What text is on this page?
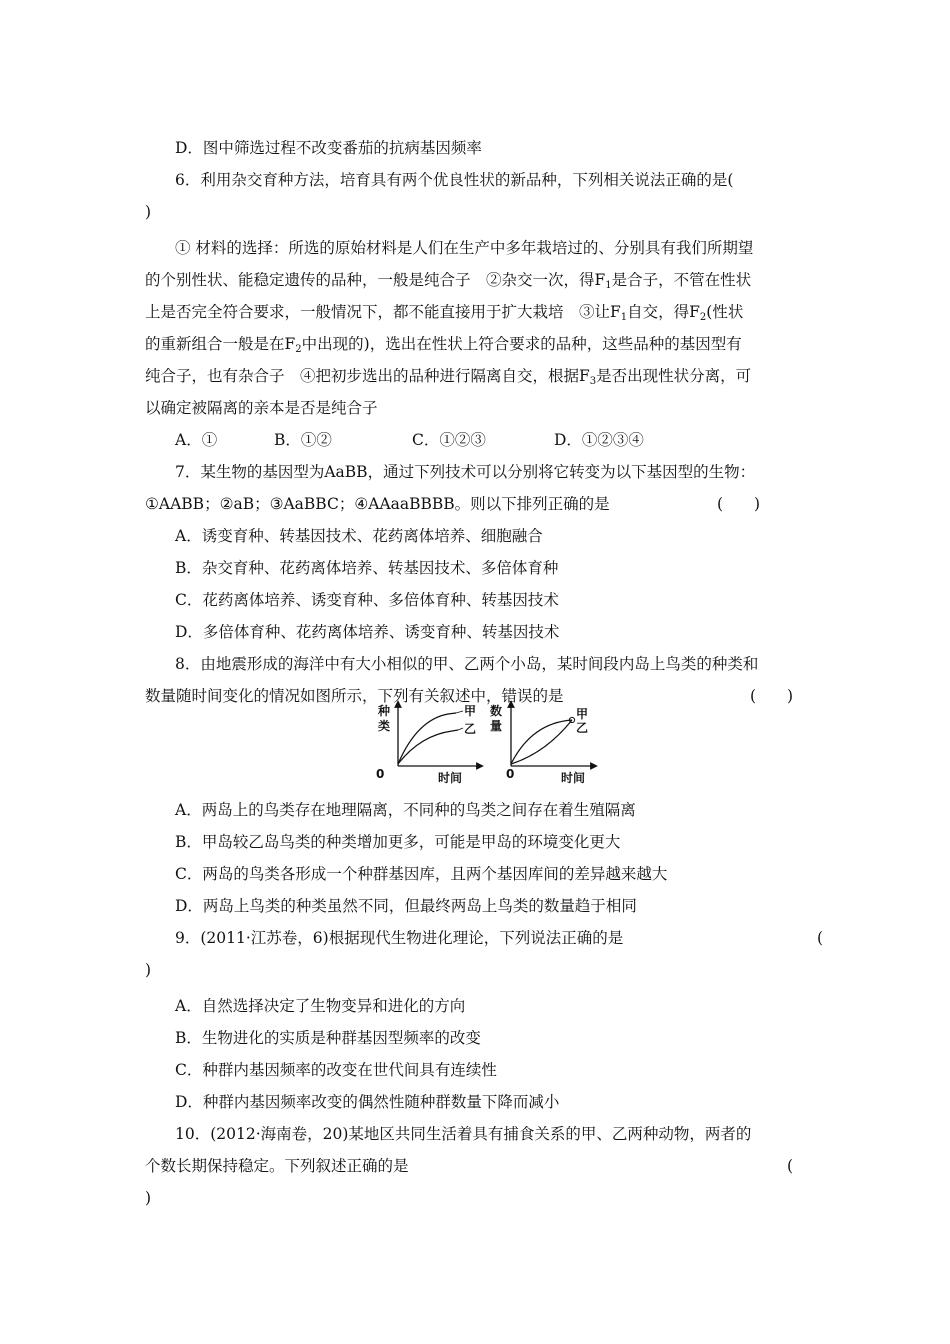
D．图中筛选过程不改变番茄的抗病基因频率
6．利用杂交育种方法，培育具有两个优良性状的新品种，下列相关说法正确的是(
)
① 材料的选择：所选的原始材料是人们在生产中多年栽培过的、分别具有我们所期望
的个别性状、能稳定遗传的品种，一般是纯合子　②杂交一次，得$F_1$是合子，不管在性状
上是否完全符合要求，一般情况下，都不能直接用于扩大栽培　③让$F_1$自交，得$F_2$(性状
的重新组合一般是在$F_2$中出现的)，选出在性状上符合要求的品种，这些品种的基因型有
纯合子，也有杂合子　④把初步选出的品种进行隔离自交，根据$F_3$是否出现性状分离，可
以确定被隔离的亲本是否是纯合子
A．①	B．①②	C．①②③	D．①②③④
7．某生物的基因型为AaBB，通过下列技术可以分别将它转变为以下基因型的生物：
①AABB；②aB；③AaBBC；④AAaaBBBB。则以下排列正确的是	(　　)
A．诱变育种、转基因技术、花药离体培养、细胞融合
B．杂交育种、花药离体培养、转基因技术、多倍体育种
C．花药离体培养、诱变育种、多倍体育种、转基因技术
D．多倍体育种、花药离体培养、诱变育种、转基因技术
8．由地震形成的海洋中有大小相似的甲、乙两个小岛，某时间段内岛上鸟类的种类和
数量随时间变化的情况如图所示，下列有关叙述中，错误的是	(　　)
种
类
0	时间
甲
乙
数
量
0	时间
甲
乙
A．两岛上的鸟类存在地理隔离，不同种的鸟类之间存在着生殖隔离
B．甲岛较乙岛鸟类的种类增加更多，可能是甲岛的环境变化更大
C．两岛的鸟类各形成一个种群基因库，且两个基因库间的差异越来越大
D．两岛上鸟类的种类虽然不同，但最终两岛上鸟类的数量趋于相同
9．(2011·江苏卷，6)根据现代生物进化理论，下列说法正确的是	(
)
A．自然选择决定了生物变异和进化的方向
B．生物进化的实质是种群基因型频率的改变
C．种群内基因频率的改变在世代间具有连续性
D．种群内基因频率改变的偶然性随种群数量下降而减小
10．(2012·海南卷，20)某地区共同生活着具有捕食关系的甲、乙两种动物，两者的
个数长期保持稳定。下列叙述正确的是	(
)
